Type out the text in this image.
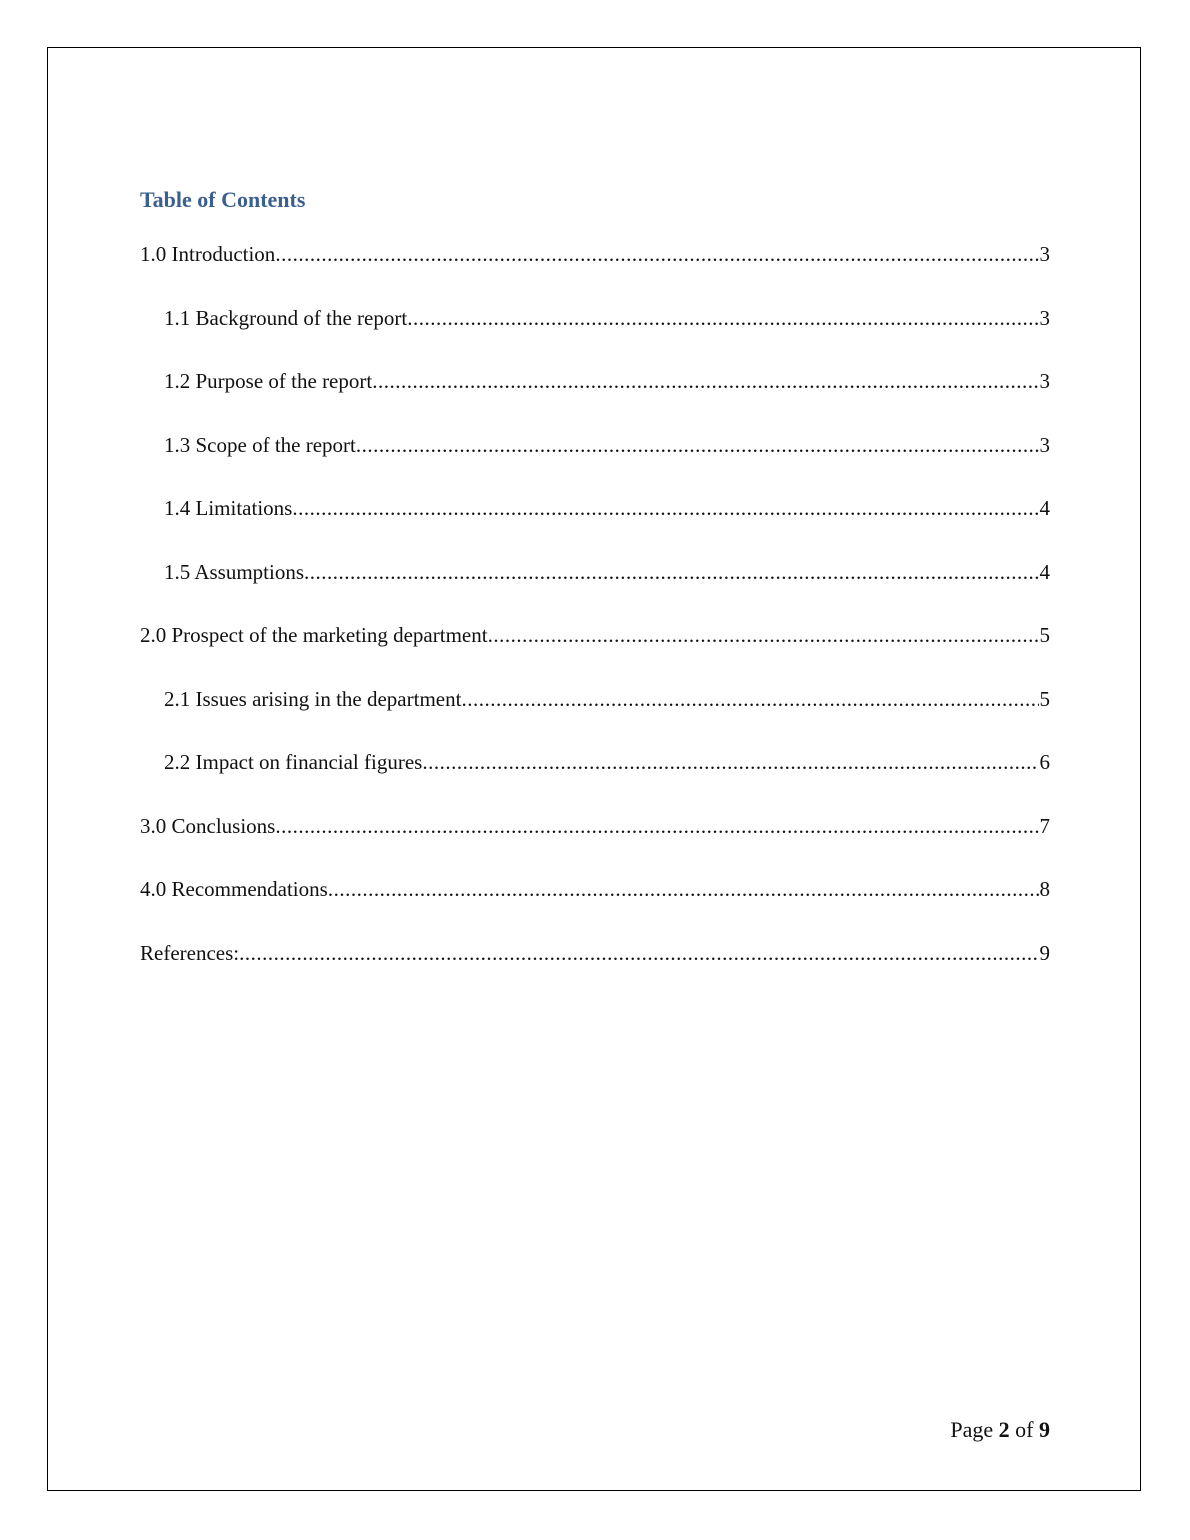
Table of Contents
1.0 Introduction .....	3
1.1 Background of the report .....	3
1.2 Purpose of the report .....	3
1.3 Scope of the report .....	3
1.4 Limitations .....	4
1.5 Assumptions .....	4
2.0 Prospect of the marketing department .....	5
2.1 Issues arising in the department .....	5
2.2 Impact on financial figures .....	6
3.0 Conclusions .....	7
4.0 Recommendations .....	8
References: .....	9
Page 2 of 9
